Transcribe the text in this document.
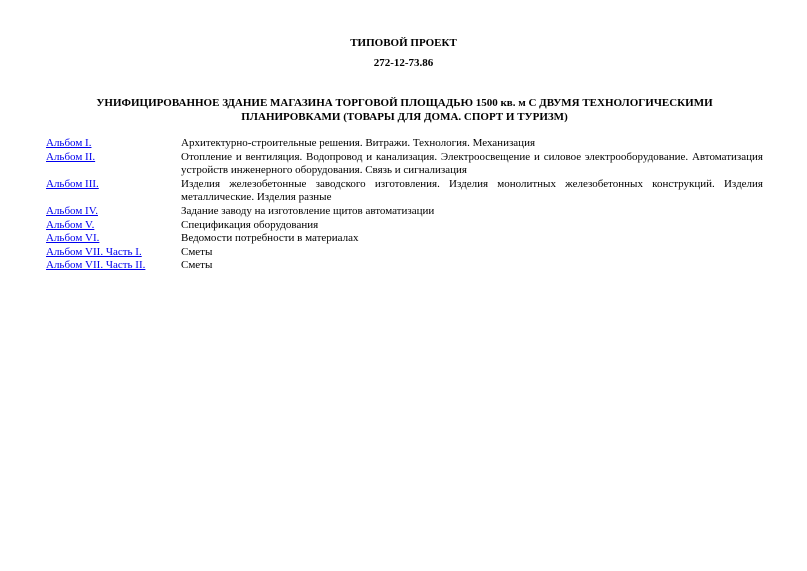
ТИПОВОЙ ПРОЕКТ
272-12-73.86
УНИФИЦИРОВАННОЕ ЗДАНИЕ МАГАЗИНА ТОРГОВОЙ ПЛОЩАДЬЮ 1500 кв. м С ДВУМЯ ТЕХНОЛОГИЧЕСКИМИ ПЛАНИРОВКАМИ (ТОВАРЫ ДЛЯ ДОМА. СПОРТ И ТУРИЗМ)
Альбом I.	Архитектурно-строительные решения. Витражи. Технология. Механизация
Альбом II.	Отопление и вентиляция. Водопровод и канализация. Электроосвещение и силовое электрооборудование. Автоматизация устройств инженерного оборудования. Связь и сигнализация
Альбом III.	Изделия железобетонные заводского изготовления. Изделия монолитных железобетонных конструкций. Изделия металлические. Изделия разные
Альбом IV.	Задание заводу на изготовление щитов автоматизации
Альбом V.	Спецификация оборудования
Альбом VI.	Ведомости потребности в материалах
Альбом VII. Часть I.	Сметы
Альбом VII. Часть II.	Сметы
